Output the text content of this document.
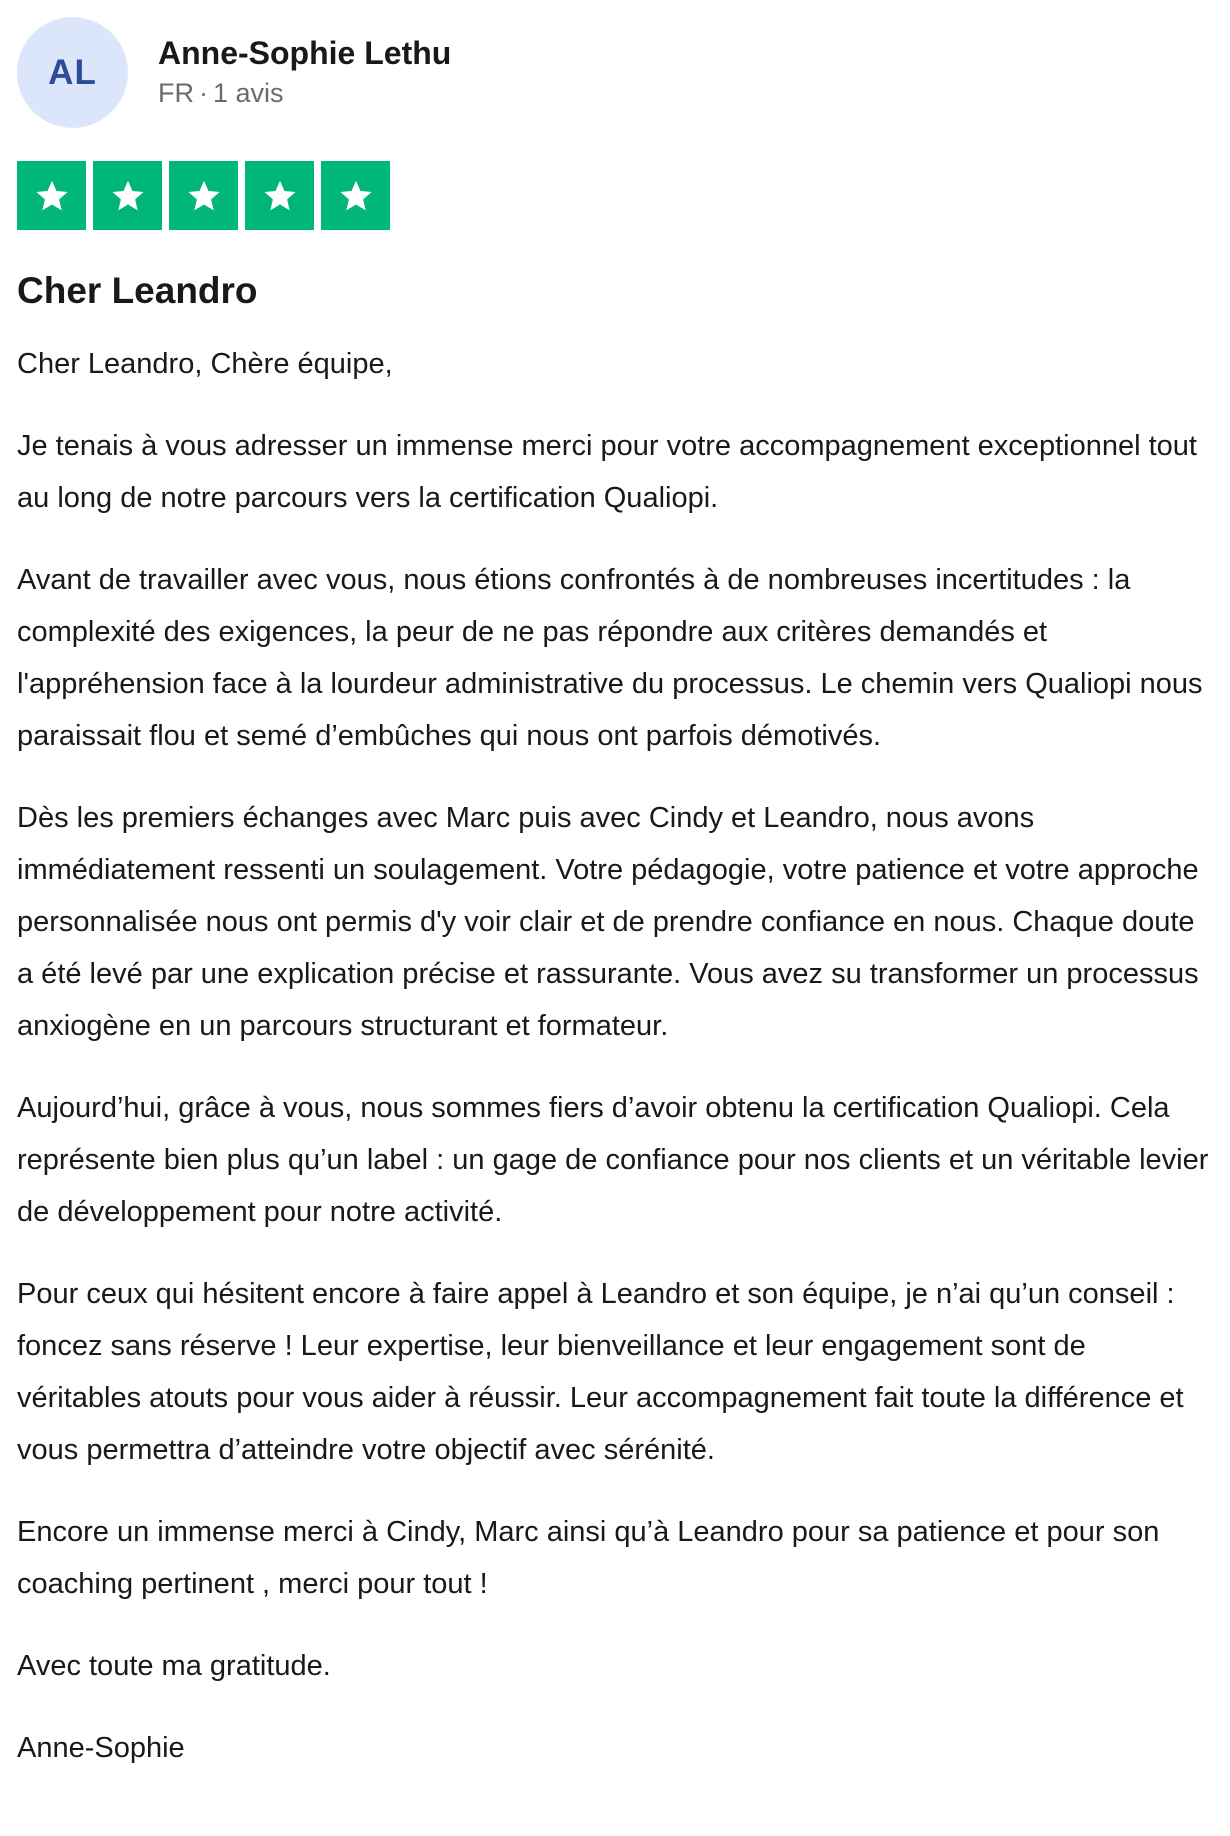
AL	Anne-Sophie Lethu
FR · 1 avis
Cher Leandro

Cher Leandro, Chère équipe,

Je tenais à vous adresser un immense merci pour votre accompagnement exceptionnel tout au long de notre parcours vers la certification Qualiopi.

Avant de travailler avec vous, nous étions confrontés à de nombreuses incertitudes : la complexité des exigences, la peur de ne pas répondre aux critères demandés et l'appréhension face à la lourdeur administrative du processus. Le chemin vers Qualiopi nous paraissait flou et semé d’embûches qui nous ont parfois démotivés.

Dès les premiers échanges avec Marc puis avec Cindy et Leandro, nous avons immédiatement ressenti un soulagement. Votre pédagogie, votre patience et votre approche personnalisée nous ont permis d'y voir clair et de prendre confiance en nous. Chaque doute a été levé par une explication précise et rassurante. Vous avez su transformer un processus anxiogène en un parcours structurant et formateur.

Aujourd’hui, grâce à vous, nous sommes fiers d’avoir obtenu la certification Qualiopi. Cela représente bien plus qu’un label : un gage de confiance pour nos clients et un véritable levier de développement pour notre activité.

Pour ceux qui hésitent encore à faire appel à Leandro et son équipe, je n’ai qu’un conseil : foncez sans réserve ! Leur expertise, leur bienveillance et leur engagement sont de véritables atouts pour vous aider à réussir. Leur accompagnement fait toute la différence et vous permettra d’atteindre votre objectif avec sérénité.

Encore un immense merci à Cindy, Marc ainsi qu’à Leandro pour sa patience et pour son coaching pertinent , merci pour tout !

Avec toute ma gratitude.

Anne-Sophie
